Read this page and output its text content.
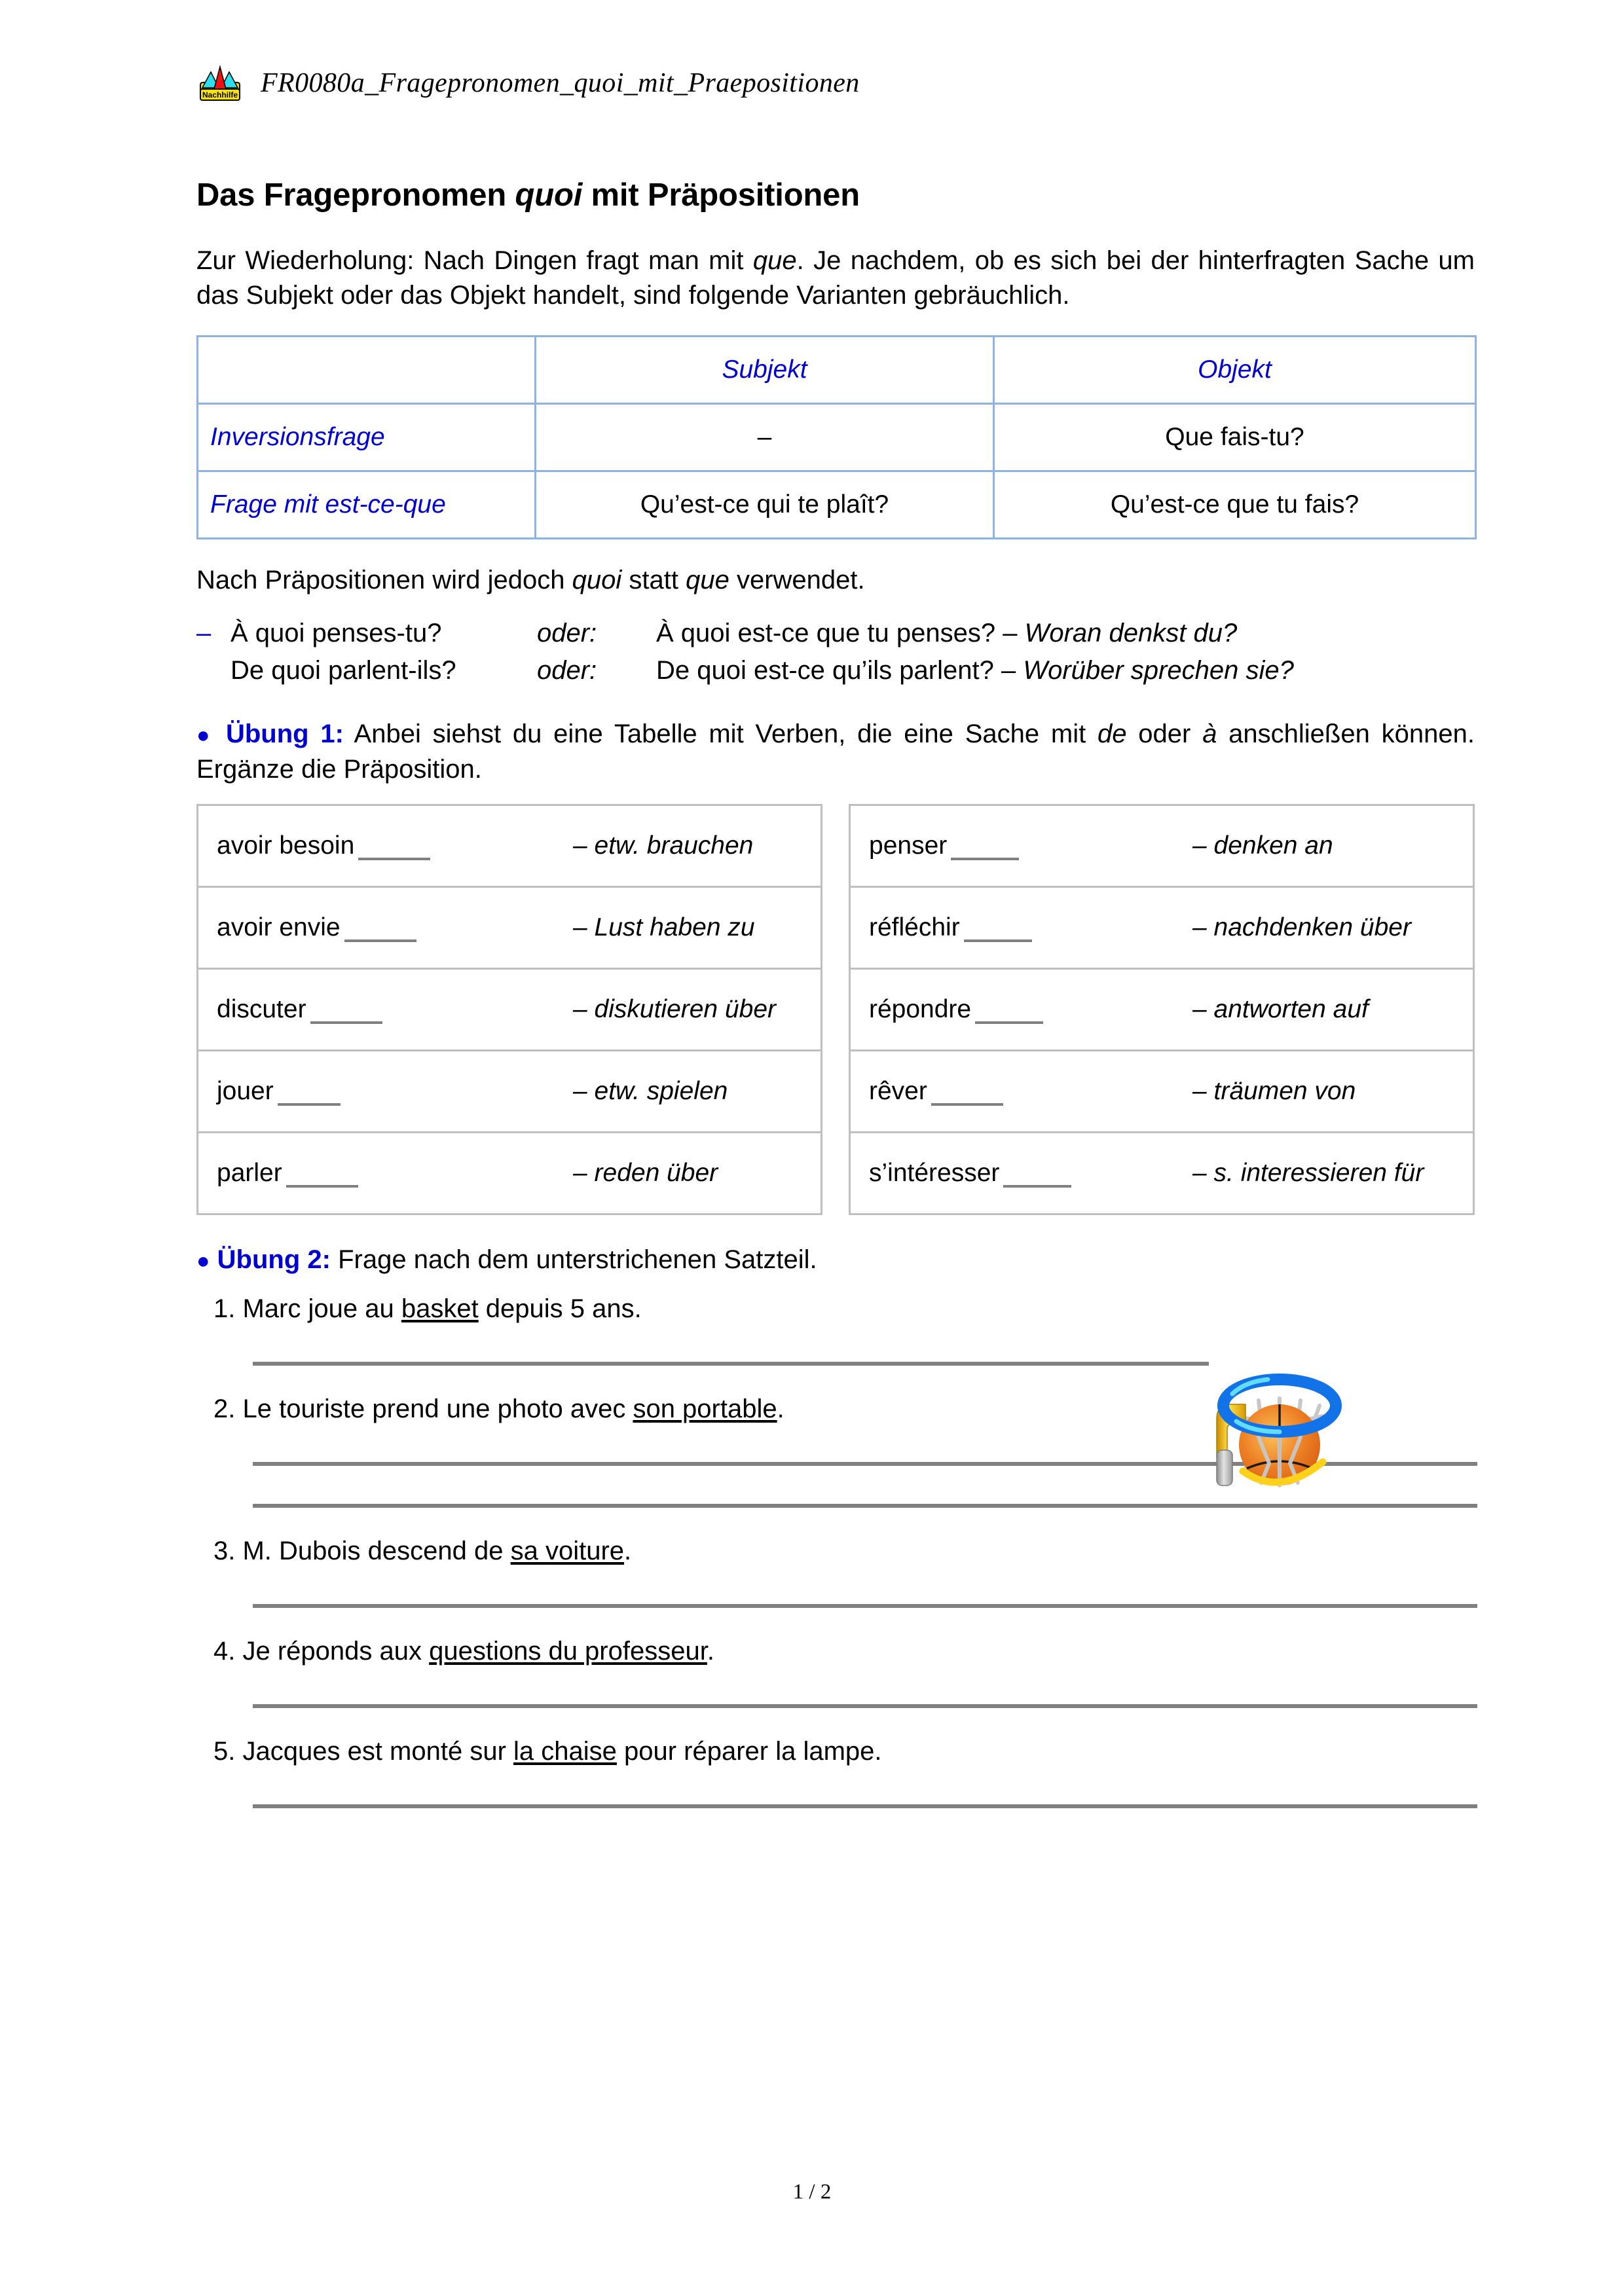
Nachhilfe FR0080a_Fragepronomen_quoi_mit_Praepositionen
Das Fragepronomen quoi mit Präpositionen

Zur Wiederholung: Nach Dingen fragt man mit que. Je nachdem, ob es sich bei der hinterfragten Sache um das Subjekt oder das Objekt handelt, sind folgende Varianten gebräuchlich.

	Subjekt	Objekt
Inversionsfrage	–	Que fais-tu?
Frage mit est-ce-que	Qu’est-ce qui te plaît?	Qu’est-ce que tu fais?

Nach Präpositionen wird jedoch quoi statt que verwendet.

– À quoi penses-tu?	oder:	À quoi est-ce que tu penses? – Woran denkst du?
De quoi parlent-ils?	oder:	De quoi est-ce qu’ils parlent? – Worüber sprechen sie?

● Übung 1: Anbei siehst du eine Tabelle mit Verben, die eine Sache mit de oder à anschließen können. Ergänze die Präposition.

avoir besoin	– etw. brauchen

avoir envie	– Lust haben zu

discuter	– diskutieren über

jouer	– etw. spielen

parler	– reden über
penser	– denken an

réfléchir	– nachdenken über

répondre	– antworten auf

rêver	– träumen von

s’intéresser	– s. interessieren für

● Übung 2: Frage nach dem unterstrichenen Satzteil.

1. Marc joue au basket depuis 5 ans.

2. Le touriste prend une photo avec son portable.

3. M. Dubois descend de sa voiture.

4. Je réponds aux questions du professeur.

5. Jacques est monté sur la chaise pour réparer la lampe.

1 / 2
